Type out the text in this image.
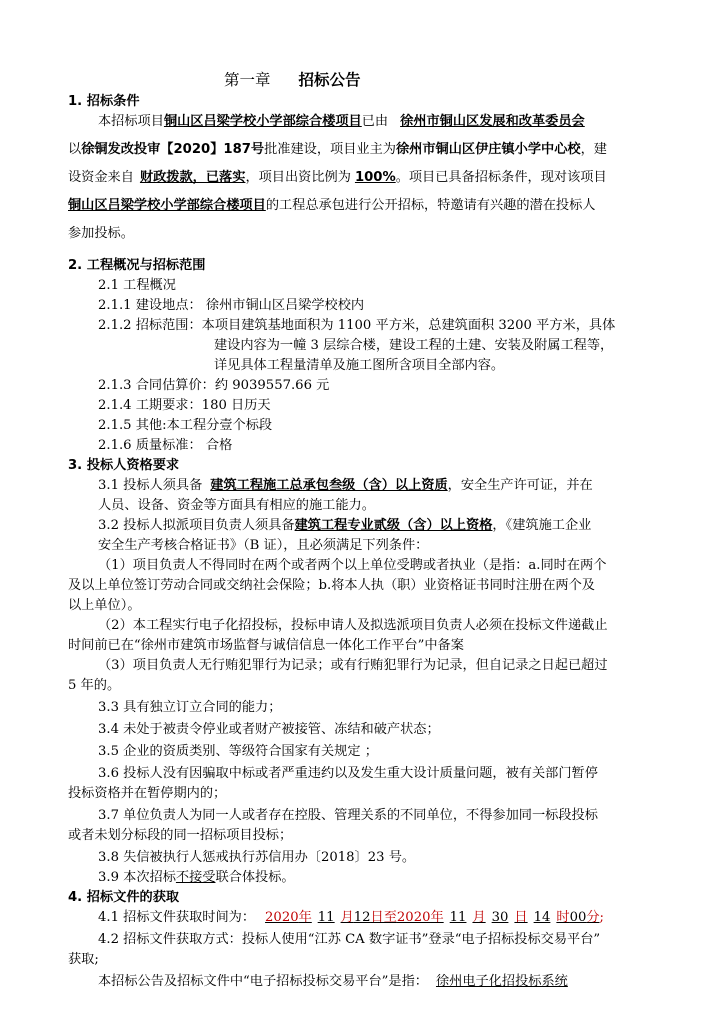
第一章 招标公告
1. 招标条件
本招标项目铜山区吕梁学校小学部综合楼项目已由 徐州市铜山区发展和改革委员会
以徐铜发改投审【2020】187号批准建设，项目业主为徐州市铜山区伊庄镇小学中心校，建
设资金来自 财政拨款，已落实，项目出资比例为 100%。项目已具备招标条件，现对该项目
铜山区吕梁学校小学部综合楼项目的工程总承包进行公开招标，特邀请有兴趣的潜在投标人
参加投标。
2. 工程概况与招标范围
2.1 工程概况
2.1.1 建设地点： 徐州市铜山区吕梁学校校内
2.1.2 招标范围：本项目建筑基地面积为 1100 平方米，总建筑面积 3200 平方米，具体
建设内容为一幢 3 层综合楼，建设工程的土建、安装及附属工程等，
详见具体工程量清单及施工图所含项目全部内容。
2.1.3 合同估算价：约 9039557.66 元
2.1.4 工期要求：180 日历天
2.1.5 其他:本工程分壹个标段
2.1.6 质量标准： 合格
3. 投标人资格要求
3.1 投标人须具备 建筑工程施工总承包叁级（含）以上资质，安全生产许可证，并在
人员、设备、资金等方面具有相应的施工能力。
3.2 投标人拟派项目负责人须具备建筑工程专业贰级（含）以上资格，《建筑施工企业
安全生产考核合格证书》（B 证），且必须满足下列条件：
（1）项目负责人不得同时在两个或者两个以上单位受聘或者执业（是指：a.同时在两个
及以上单位签订劳动合同或交纳社会保险；b.将本人执（职）业资格证书同时注册在两个及
以上单位）。
（2）本工程实行电子化招投标，投标申请人及拟选派项目负责人必须在投标文件递截止
时间前已在“徐州市建筑市场监督与诚信信息一体化工作平台”中备案
（3）项目负责人无行贿犯罪行为记录；或有行贿犯罪行为记录，但自记录之日起已超过
5 年的。
3.3 具有独立订立合同的能力；
3.4 未处于被责令停业或者财产被接管、冻结和破产状态；
3.5 企业的资质类别、等级符合国家有关规定 ；
3.6 投标人没有因骗取中标或者严重违约以及发生重大设计质量问题，被有关部门暂停
投标资格并在暂停期内的；
3.7 单位负责人为同一人或者存在控股、管理关系的不同单位，不得参加同一标段投标
或者未划分标段的同一招标项目投标；
3.8 失信被执行人惩戒执行苏信用办〔2018〕23 号。
3.9 本次招标不接受联合体投标。
4. 招标文件的获取
4.1 招标文件获取时间为： 2020年 11 月12日至2020年 11 月 30 日 14 时00分;
4.2 招标文件获取方式：投标人使用“江苏 CA 数字证书”登录“电子招标投标交易平台”
获取;
本招标公告及招标文件中“电子招标投标交易平台”是指： 徐州电子化招投标系统
